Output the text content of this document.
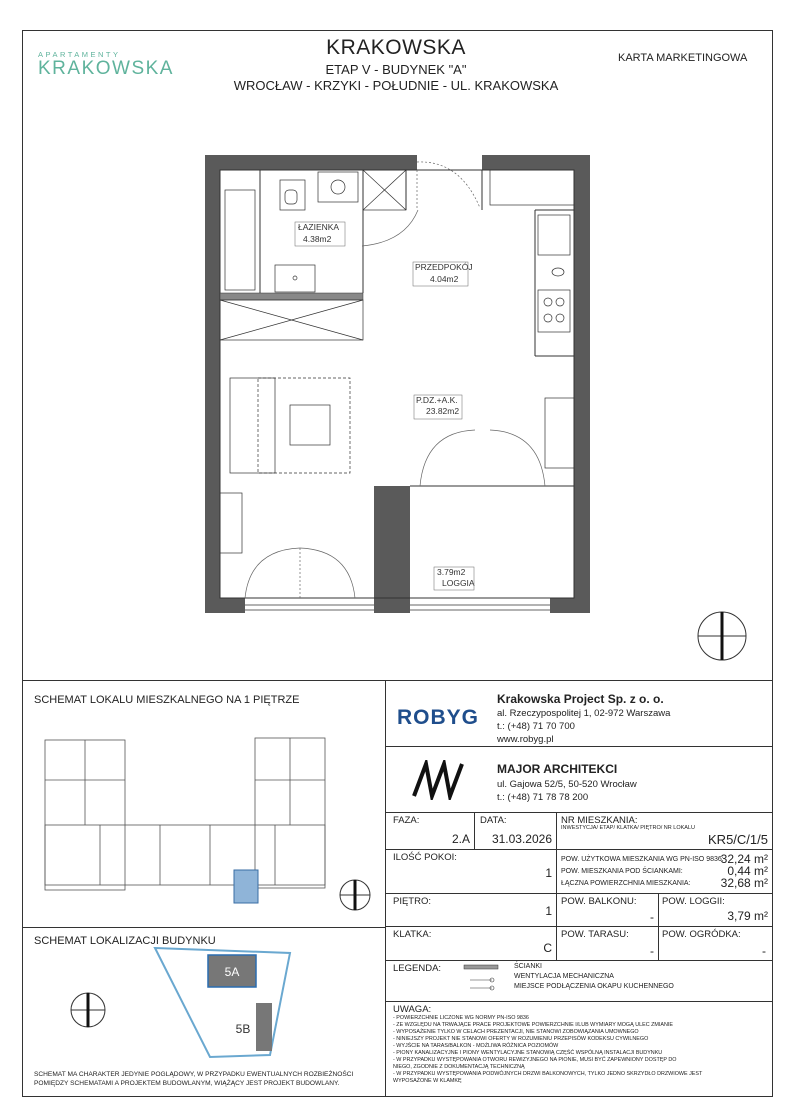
APARTAMENTY
KRAKOWSKA
KRAKOWSKA
ETAP V - BUDYNEK "A"
WROCŁAW - KRZYKI - POŁUDNIE - UL. KRAKOWSKA
KARTA MARKETINGOWA
ŁAZIENKA
4.38m2
PRZEDPOKÓJ
4.04m2
P.DZ.+A.K.
23.82m2
3.79m2
LOGGIA
SCHEMAT LOKALU MIESZKALNEGO NA 1 PIĘTRZE
SCHEMAT LOKALIZACJI BUDYNKU
5A
5B
SCHEMAT MA CHARAKTER JEDYNIE POGLĄDOWY, W PRZYPADKU EWENTUALNYCH ROZBIEŻNOŚCI POMIĘDZY SCHEMATAMI A PROJEKTEM BUDOWLANYM, WIĄŻĄCY JEST PROJEKT BUDOWLANY.
ROBYG
Krakowska Project Sp. z o. o.
al. Rzeczypospolitej 1, 02-972 Warszawa
t.: (+48) 71 70 700
www.robyg.pl
MAJOR ARCHITEKCI
ul. Gajowa 52/5, 50-520 Wrocław
t.: (+48) 71 78 78 200
FAZA:
2.A
DATA:
31.03.2026
NR MIESZKANIA:
INWESTYCJA/ ETAP/ KLATKA/ PIĘTRO/ NR LOKALU
KR5/C/1/5
ILOŚĆ POKOI:
1
POW. UŻYTKOWA MIESZKANIA WG PN-ISO 9836:
32,24 m²
POW. MIESZKANIA POD ŚCIANKAMI:	0,44 m²
ŁĄCZNA POWIERZCHNIA MIESZKANIA:	32,68 m²
PIĘTRO:
1
POW. BALKONU:
-
POW. LOGGII:
3,79 m²
KLATKA:
C
POW. TARASU:
-
POW. OGRÓDKA:
-
LEGENDA:	ŚCIANKI
WENTYLACJA MECHANICZNA
MIEJSCE PODŁĄCZENIA OKAPU KUCHENNEGO
UWAGA:
- POWIERZCHNIE LICZONE WG NORMY PN-ISO 9836
- ZE WZGLĘDU NA TRWAJĄCE PRACE PROJEKTOWE POWIERZCHNIE I/LUB WYMIARY MOGĄ ULEC ZMIANIE
- WYPOSAŻENIE TYLKO W CELACH PREZENTACJI, NIE STANOWI ZOBOWIĄZANIA UMOWNEGO
- NINIEJSZY PROJEKT NIE STANOWI OFERTY W ROZUMIENIU PRZEPISÓW KODEKSU CYWILNEGO
- WYJŚCIE NA TARAS/BALKON - MOŻLIWA RÓŻNICA POZIOMÓW
- PIONY KANALIZACYJNE I PIONY WENTYLACYJNE STANOWIĄ CZĘŚĆ WSPÓLNĄ INSTALACJI BUDYNKU
- W PRZYPADKU WYSTĘPOWANIA OTWORU REWIZYJNEGO NA PIONIE, MUSI BYĆ ZAPEWNIONY DOSTĘP DO
NIEGO, ZGODNIE Z DOKUMENTACJĄ TECHNICZNĄ
- W PRZYPADKU WYSTĘPOWANIA PODWÓJNYCH DRZWI BALKONOWYCH, TYLKO JEDNO SKRZYDŁO DRZWIOWE JEST
WYPOSAŻONE W KLAMKĘ
